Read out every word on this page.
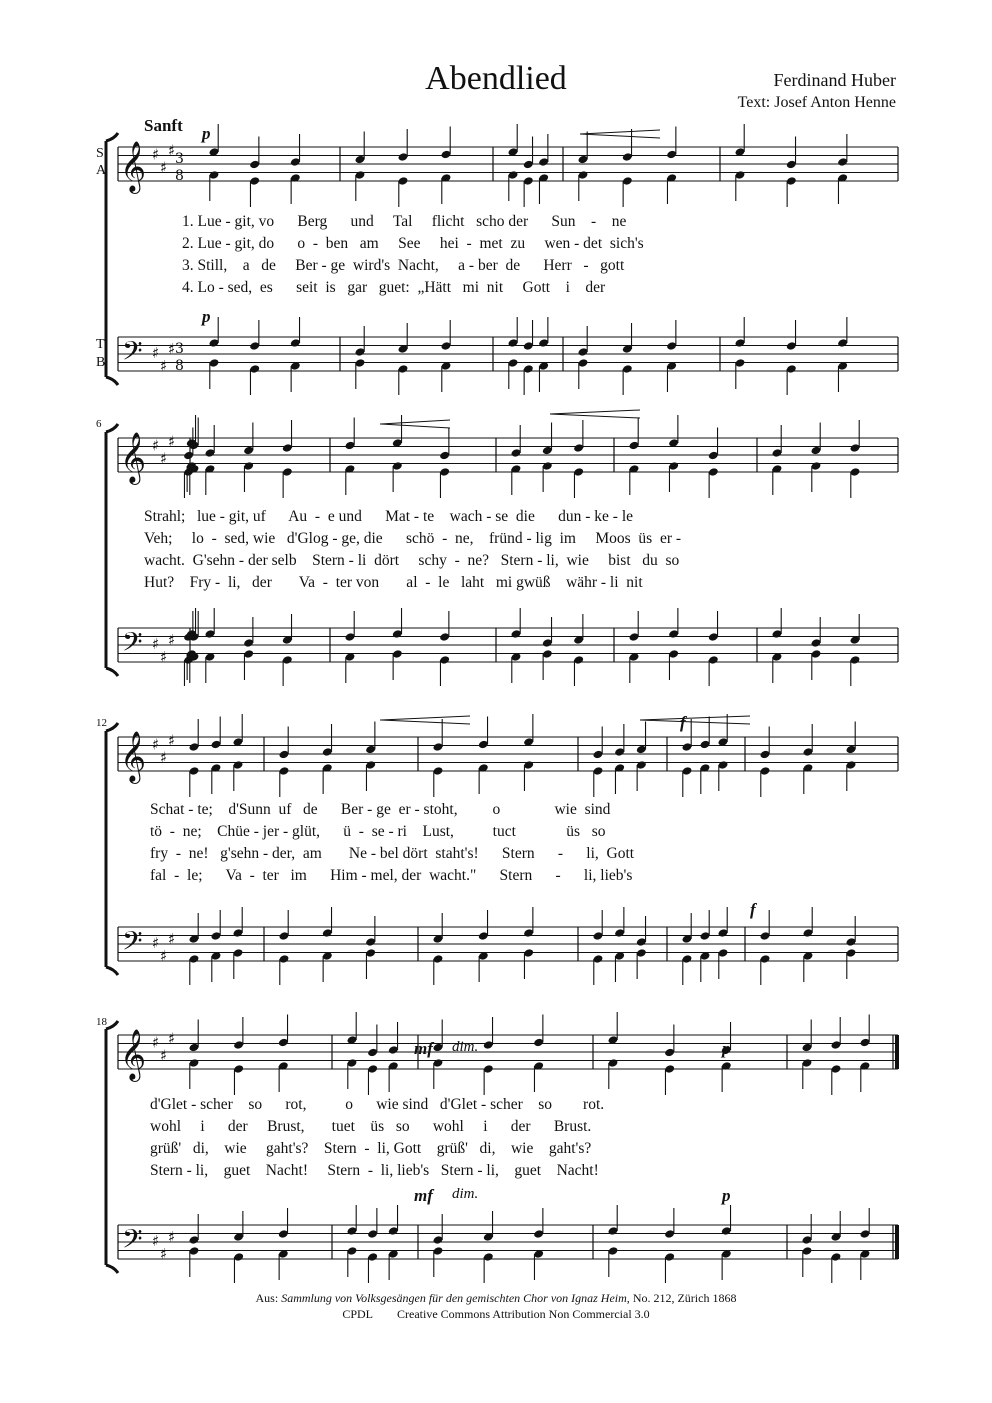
Abendlied	Ferdinand Huber
Text: Josef Anton Henne
Sanft
S
A
T
B
6
12
18
p
p
f
f
mf dim.
mf dim.	p
1. Lue - git, vo      Berg      und     Tal     flicht   scho der      Sun    -    ne
2. Lue - git, do      o  -  ben   am     See     hei  -  met  zu     wen - det  sich's
3. Still,    a   de     Ber - ge  wird's  Nacht,     a - ber  de      Herr   -   gott
4. Lo - sed,  es      seit  is   gar   guet:  „Hätt   mi  nit     Gott    i    der
Strahl;   lue - git, uf      Au  -  e und      Mat - te    wach - se  die      dun - ke - le
Veh;     lo  -  sed, wie   d'Glog - ge, die      schö  -  ne,    fründ - lig  im     Moos  üs  er -
wacht.  G'sehn - der selb    Stern - li  dört     schy  -  ne?   Stern - li,  wie     bist   du  so
Hut?    Fry -  li,   der       Va  -  ter von       al  -  le   laht   mi gwüß    währ - li  nit
Schat - te;    d'Sunn  uf   de      Ber - ge  er - stoht,         o              wie  sind
tö  -  ne;    Chüe - jer - glüt,      ü  -  se - ri    Lust,          tuct             üs   so
fry  -  ne!   g'sehn - der,  am       Ne - bel dört  staht's!      Stern      -      li,  Gott
fal  -  le;      Va  -  ter   im      Him - mel, der  wacht."      Stern      -      li, lieb's
d'Glet - scher    so      rot,          o      wie sind   d'Glet - scher    so        rot.
wohl     i      der     Brust,       tuet    üs   so      wohl     i      der      Brust.
grüß'   di,    wie     gaht's?    Stern  -  li, Gott    grüß'   di,    wie    gaht's?
Stern - li,    guet    Nacht!     Stern  -  li, lieb's   Stern - li,    guet    Nacht!
Aus: Sammlung von Volksgesängen für den gemischten Chor von Ignaz Heim, No. 212, Zürich 1868
CPDL Creative Commons Attribution Non Commercial 3.0
𝄞
𝄢
♯
♯
♯
♯
♯
♯
3
8
3
8
𝄞
𝄢
♯
♯
♯
♯
♯
♯
𝄞
𝄢
♯
♯
♯
♯
♯
♯
𝄞
𝄢
♯
♯
♯
♯
♯
♯
